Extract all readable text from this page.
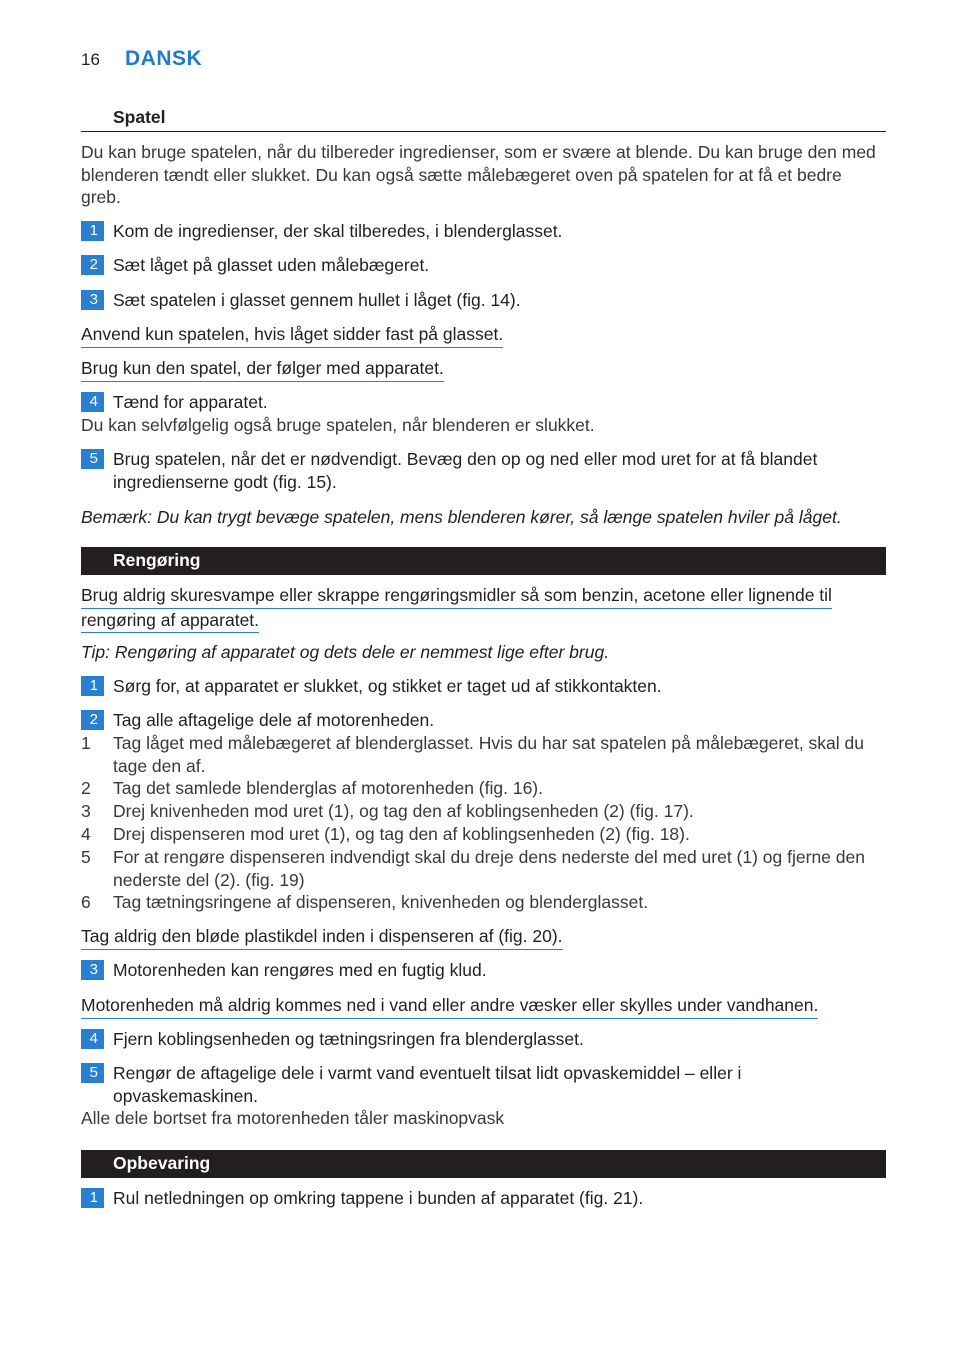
16 DANSK
Spatel
Du kan bruge spatelen, når du tilbereder ingredienser, som er svære at blende. Du kan bruge den med blenderen tændt eller slukket. Du kan også sætte målebægeret oven på spatelen for at få et bedre greb.
1 Kom de ingredienser, der skal tilberedes, i blenderglasset.
2 Sæt låget på glasset uden målebægeret.
3 Sæt spatelen i glasset gennem hullet i låget (fig. 14).
Anvend kun spatelen, hvis låget sidder fast på glasset.
Brug kun den spatel, der følger med apparatet.
4 Tænd for apparatet.
Du kan selvfølgelig også bruge spatelen, når blenderen er slukket.
5 Brug spatelen, når det er nødvendigt. Bevæg den op og ned eller mod uret for at få blandet ingredienserne godt (fig. 15).
Bemærk: Du kan trygt bevæge spatelen, mens blenderen kører, så længe spatelen hviler på låget.
Rengøring
Brug aldrig skuresvampe eller skrappe rengøringsmidler så som benzin, acetone eller lignende til
rengøring af apparatet.
Tip: Rengøring af apparatet og dets dele er nemmest lige efter brug.
1 Sørg for, at apparatet er slukket, og stikket er taget ud af stikkontakten.
2 Tag alle aftagelige dele af motorenheden.
1 Tag låget med målebægeret af blenderglasset. Hvis du har sat spatelen på målebægeret, skal du tage den af.
2 Tag det samlede blenderglas af motorenheden (fig. 16).
3 Drej knivenheden mod uret (1), og tag den af koblingsenheden (2) (fig. 17).
4 Drej dispenseren mod uret (1), og tag den af koblingsenheden (2) (fig. 18).
5 For at rengøre dispenseren indvendigt skal du dreje dens nederste del med uret (1) og fjerne den nederste del (2). (fig. 19)
6 Tag tætningsringene af dispenseren, knivenheden og blenderglasset.
Tag aldrig den bløde plastikdel inden i dispenseren af (fig. 20).
3 Motorenheden kan rengøres med en fugtig klud.
Motorenheden må aldrig kommes ned i vand eller andre væsker eller skylles under vandhanen.
4 Fjern koblingsenheden og tætningsringen fra blenderglasset.
5 Rengør de aftagelige dele i varmt vand eventuelt tilsat lidt opvaskemiddel – eller i opvaskemaskinen.
Alle dele bortset fra motorenheden tåler maskinopvask
Opbevaring
1 Rul netledningen op omkring tappene i bunden af apparatet (fig. 21).
